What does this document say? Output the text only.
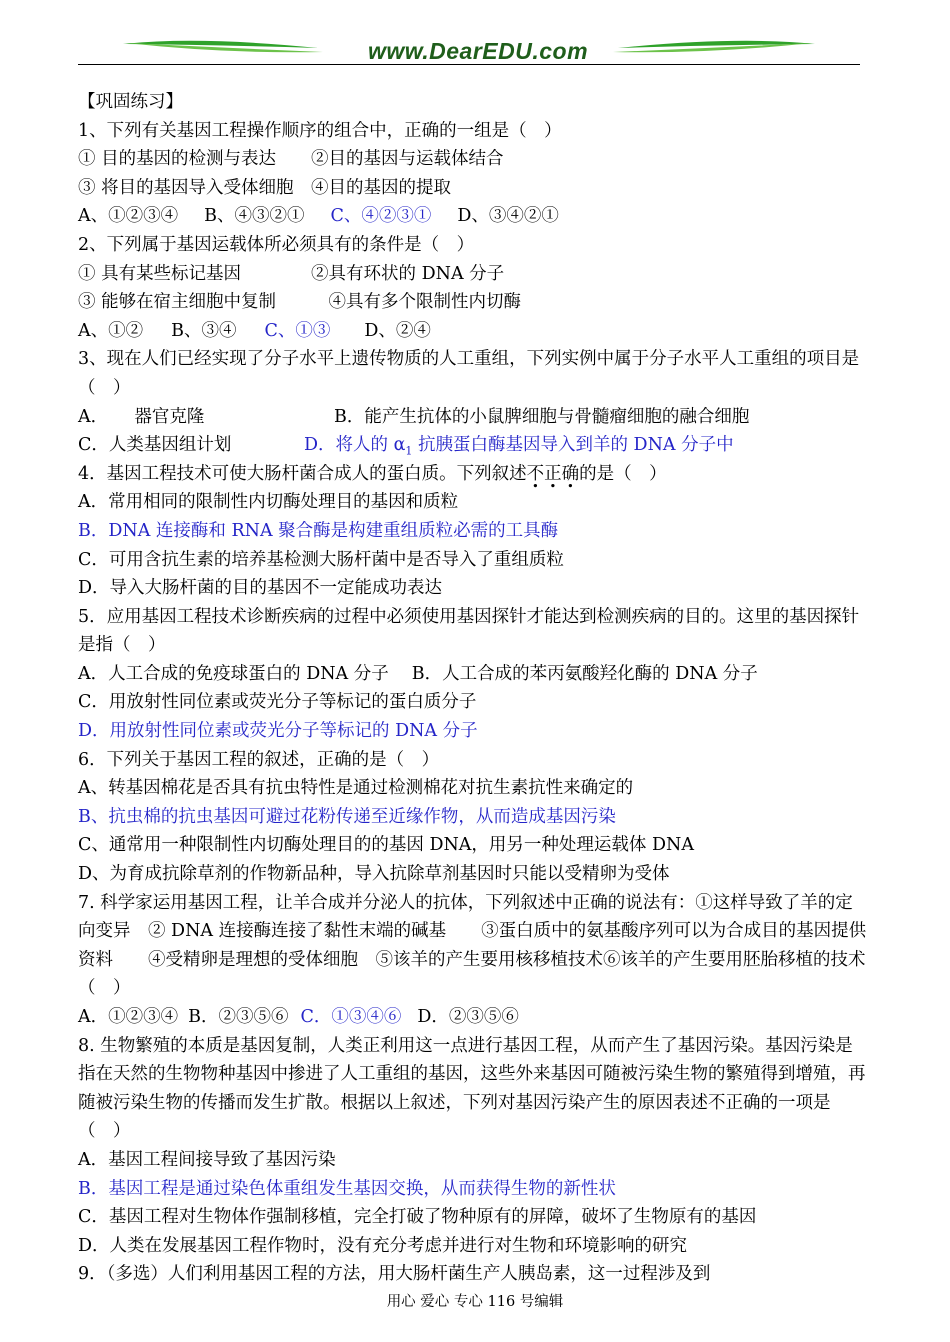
www.DearEDU.com
【巩固练习】
1、下列有关基因工程操作顺序的组合中，正确的一组是（　）
① 目的基因的检测与表达　　②目的基因与运载体结合
③ 将目的基因导入受体细胞　④目的基因的提取
A、①②③④ B、④③②① C、④②③① D、③④②①
2、下列属于基因运载体所必须具有的条件是（　）
① 具有某些标记基因　　　　②具有环状的 DNA 分子
③ 能够在宿主细胞中复制　　　④具有多个限制性内切酶
A、①② B、③④ C、①③ D、②④
3、现在人们已经实现了分子水平上遗传物质的人工重组，下列实例中属于分子水平人工重组的项目是（　）
A．　　器官克隆	B．能产生抗体的小鼠脾细胞与骨髓瘤细胞的融合细胞
C．人类基因组计划	D．将人的 $\alpha_1$ 抗胰蛋白酶基因导入到羊的 DNA 分子中
4．基因工程技术可使大肠杆菌合成人的蛋白质。下列叙述不正确的是（　）
A．常用相同的限制性内切酶处理目的基因和质粒
B．DNA 连接酶和 RNA 聚合酶是构建重组质粒必需的工具酶
C．可用含抗生素的培养基检测大肠杆菌中是否导入了重组质粒
D．导入大肠杆菌的目的基因不一定能成功表达
5．应用基因工程技术诊断疾病的过程中必须使用基因探针才能达到检测疾病的目的。这里的基因探针是指（　）
A．人工合成的免疫球蛋白的 DNA 分子　 B．人工合成的苯丙氨酸羟化酶的 DNA 分子
C．用放射性同位素或荧光分子等标记的蛋白质分子
D．用放射性同位素或荧光分子等标记的 DNA 分子
6．下列关于基因工程的叙述，正确的是（　）
A、转基因棉花是否具有抗虫特性是通过检测棉花对抗生素抗性来确定的
B、抗虫棉的抗虫基因可避过花粉传递至近缘作物，从而造成基因污染
C、通常用一种限制性内切酶处理目的的基因 DNA，用另一种处理运载体 DNA
D、为育成抗除草剂的作物新品种，导入抗除草剂基因时只能以受精卵为受体
7. 科学家运用基因工程，让羊合成并分泌人的抗体，下列叙述中正确的说法有：①这样导致了羊的定向变异　② DNA 连接酶连接了黏性末端的碱基　　③蛋白质中的氨基酸序列可以为合成目的基因提供资料　　④受精卵是理想的受体细胞　⑤该羊的产生要用核移植技术⑥该羊的产生要用胚胎移植的技术（　）
A．①②③④ B．②③⑤⑥ C．①③④⑥ D．②③⑤⑥
8. 生物繁殖的本质是基因复制，人类正利用这一点进行基因工程，从而产生了基因污染。基因污染是指在天然的生物物种基因中掺进了人工重组的基因，这些外来基因可随被污染生物的繁殖得到增殖，再随被污染生物的传播而发生扩散。根据以上叙述，下列对基因污染产生的原因表述不正确的一项是（　）
A．基因工程间接导致了基因污染
B．基因工程是通过染色体重组发生基因交换，从而获得生物的新性状
C．基因工程对生物体作强制移植，完全打破了物种原有的屏障，破坏了生物原有的基因
D．人类在发展基因工程作物时，没有充分考虑并进行对生物和环境影响的研究
9．（多选）人们利用基因工程的方法，用大肠杆菌生产人胰岛素，这一过程涉及到
用心 爱心 专心 116 号编辑
